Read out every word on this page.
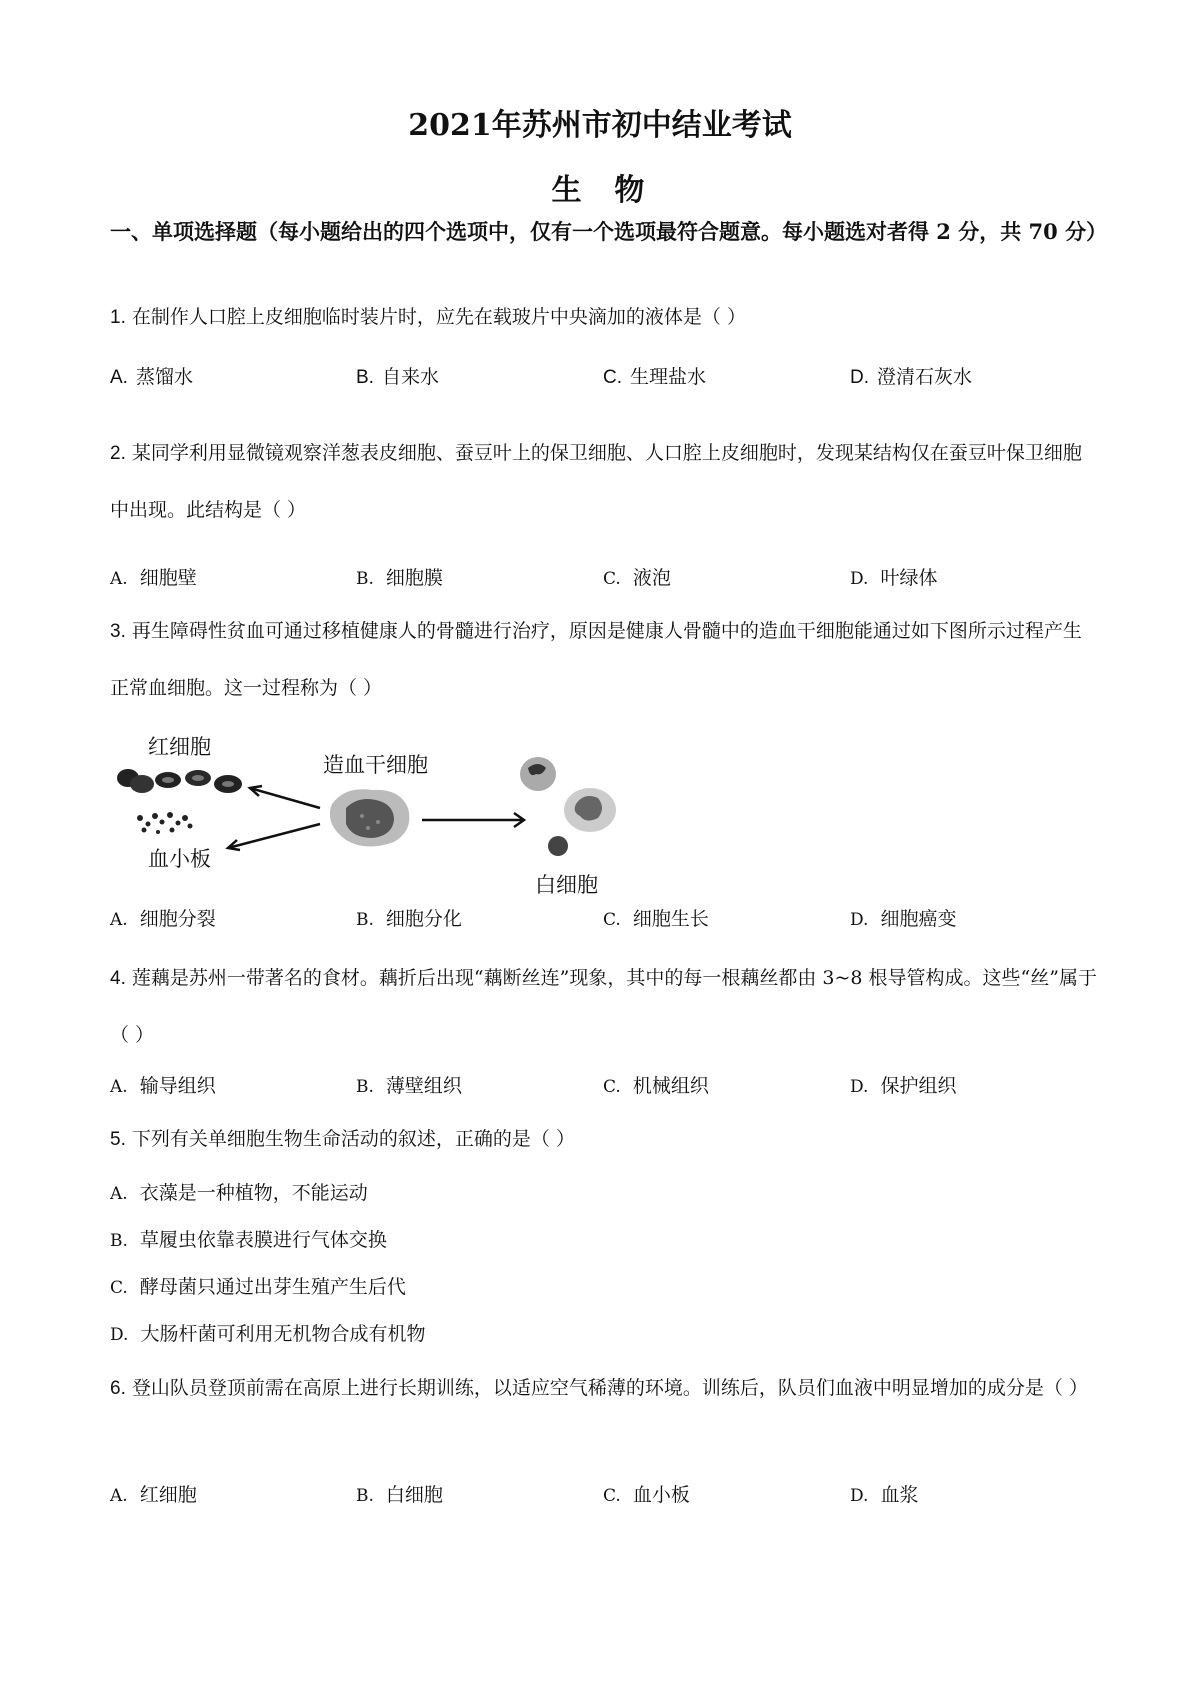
2021年苏州市初中结业考试
生  物
一、单项选择题（每小题给出的四个选项中，仅有一个选项最符合题意。每小题选对者得 2 分，共 70 分）
1. 在制作人口腔上皮细胞临时装片时，应先在载玻片中央滴加的液体是（ ）
A. 蒸馏水	B. 自来水	C. 生理盐水	D. 澄清石灰水
2. 某同学利用显微镜观察洋葱表皮细胞、蚕豆叶上的保卫细胞、人口腔上皮细胞时，发现某结构仅在蚕豆叶保卫细胞中出现。此结构是（ ）
A. 细胞壁	B. 细胞膜	C. 液泡	D. 叶绿体
3. 再生障碍性贫血可通过移植健康人的骨髓进行治疗，原因是健康人骨髓中的造血干细胞能通过如下图所示过程产生正常血细胞。这一过程称为（ ）
红细胞
血小板
造血干细胞
白细胞
A. 细胞分裂	B. 细胞分化	C. 细胞生长	D. 细胞癌变
4. 莲藕是苏州一带著名的食材。藕折后出现“藕断丝连”现象，其中的每一根藕丝都由 3~8 根导管构成。这些“丝”属于（ ）
A. 输导组织	B. 薄壁组织	C. 机械组织	D. 保护组织
5. 下列有关单细胞生物生命活动的叙述，正确的是（ ）
A. 衣藻是一种植物，不能运动
B. 草履虫依靠表膜进行气体交换
C. 酵母菌只通过出芽生殖产生后代
D. 大肠杆菌可利用无机物合成有机物
6. 登山队员登顶前需在高原上进行长期训练，以适应空气稀薄的环境。训练后，队员们血液中明显增加的成分是（ ）
A. 红细胞	B. 白细胞	C. 血小板	D. 血浆
